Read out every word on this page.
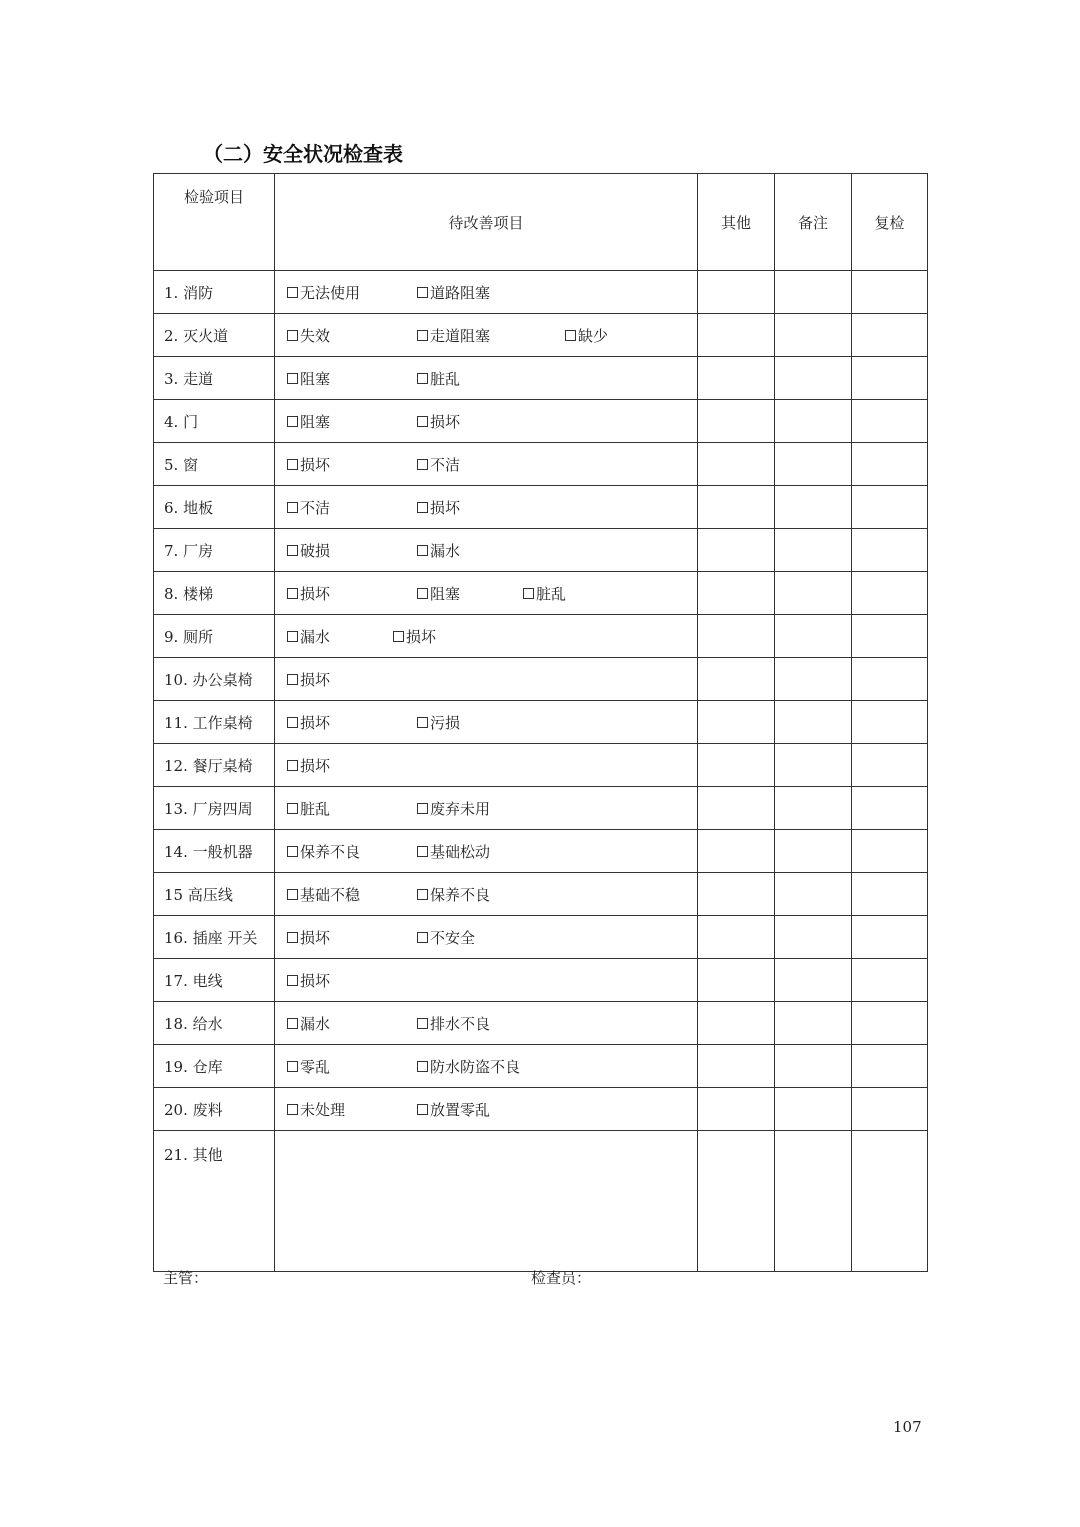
（二）安全状况检查表
检验项目	待改善项目	其他	备注	复检
1. 消防	无法使用 道路阻塞			

2. 灭火道	失效 走道阻塞 缺少			

3. 走道	阻塞 脏乱			

4. 门	阻塞 损坏			

5. 窗	损坏 不洁			

6. 地板	不洁 损坏			

7. 厂房	破损 漏水			

8. 楼梯	损坏 阻塞 脏乱			

9. 厕所	漏水 损坏			

10. 办公桌椅	损坏			

11. 工作桌椅	损坏 污损			

12. 餐厅桌椅	损坏			

13. 厂房四周	脏乱 废弃未用			

14. 一般机器	保养不良 基础松动			

15 高压线	基础不稳 保养不良			

16. 插座 开关	损坏 不安全			

17. 电线	损坏			

18. 给水	漏水 排水不良			

19. 仓库	零乱 防水防盗不良			

20. 废料	未处理 放置零乱			

21. 其他				
主管：	检查员：
107
